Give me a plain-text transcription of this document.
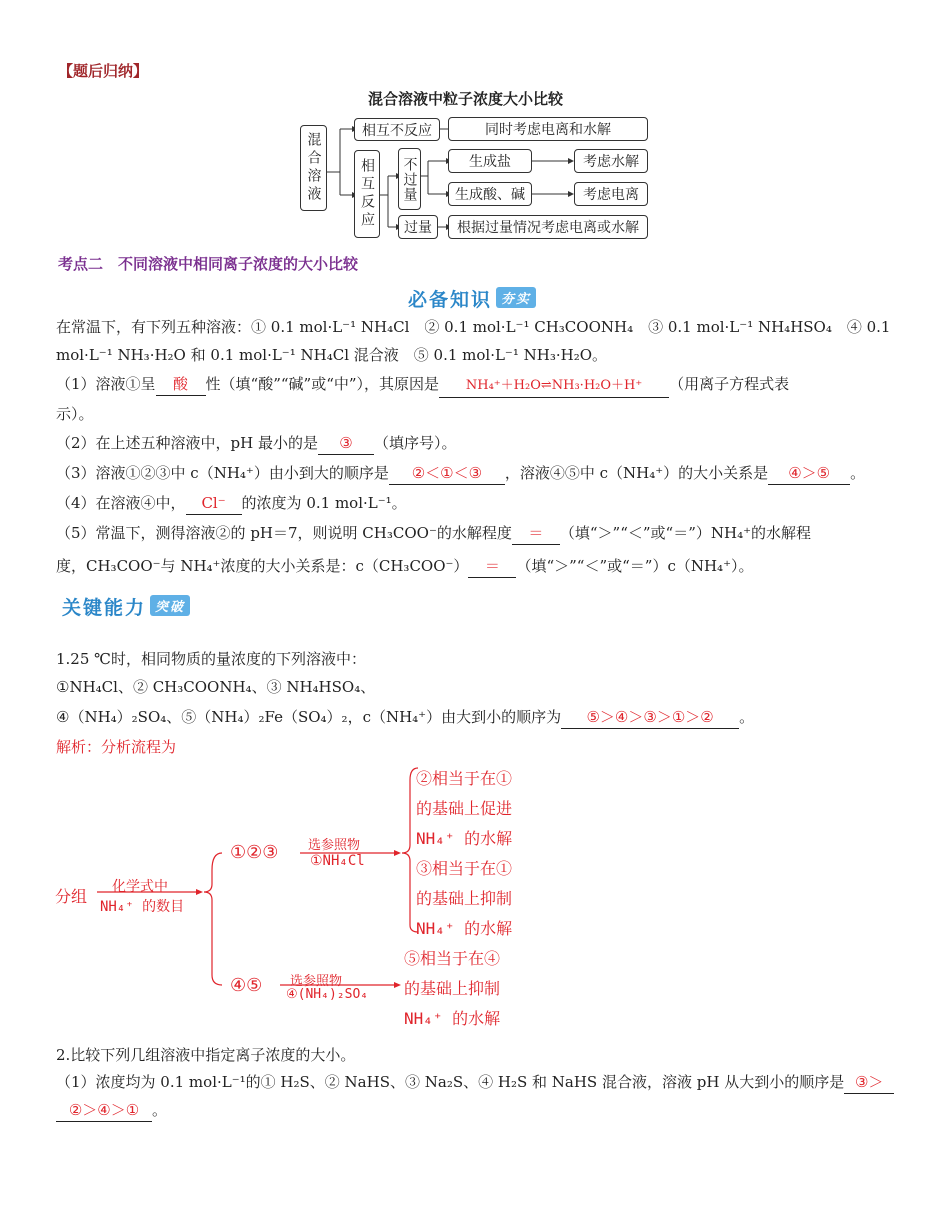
【题后归纳】
混合溶液中粒子浓度大小比较
混合溶液
相互不反应	同时考虑电离和水解
相互反应 不过量	生成盐	考虑水解
生成酸、碱	考虑电离
过量 根据过量情况考虑电离或水解
考点二　不同溶液中相同离子浓度的大小比较
必备知识 夯实
在常温下，有下列五种溶液：① 0.1 mol·L⁻¹ NH₄Cl　② 0.1 mol·L⁻¹ CH₃COONH₄　③ 0.1 mol·L⁻¹ NH₄HSO₄　④ 0.1
mol·L⁻¹ NH₃·H₂O 和 0.1 mol·L⁻¹ NH₄Cl 混合液　⑤ 0.1 mol·L⁻¹ NH₃·H₂O。
（1）溶液①呈 酸 性（填“酸”“碱”或“中”），其原因是 NH₄⁺＋H₂O⇌NH₃·H₂O＋H⁺ （用离子方程式表
示）。
（2）在上述五种溶液中，pH 最小的是 ③ （填序号）。
（3）溶液①②③中 c（NH₄⁺）由小到大的顺序是 ②＜①＜③ ，溶液④⑤中 c（NH₄⁺）的大小关系是 ④＞⑤ 。
（4）在溶液④中， Cl⁻ 的浓度为 0.1 mol·L⁻¹。
（5）常温下，测得溶液②的 pH＝7，则说明 CH₃COO⁻的水解程度 ＝ （填“＞”“＜”或“＝”）NH₄⁺的水解程
度，CH₃COO⁻与 NH₄⁺浓度的大小关系是：c（CH₃COO⁻） ＝ （填“＞”“＜”或“＝”）c（NH₄⁺）。
关键能力 突破
1.25 ℃时，相同物质的量浓度的下列溶液中：
①NH₄Cl、② CH₃COONH₄、③ NH₄HSO₄、
④（NH₄）₂SO₄、⑤（NH₄）₂Fe（SO₄）₂，c（NH₄⁺）由大到小的顺序为 ⑤＞④＞③＞①＞② 。
解析：分析流程为
分组 化学式中
NH₄⁺ 的数目
①②③ 选参照物
①NH₄Cl
②相当于在①
的基础上促进
NH₄⁺ 的水解
③相当于在①
的基础上抑制
NH₄⁺ 的水解
④⑤ 选参照物
④(NH₄)₂SO₄
⑤相当于在④
的基础上抑制
NH₄⁺ 的水解
2.比较下列几组溶液中指定离子浓度的大小。
（1）浓度均为 0.1 mol·L⁻¹的① H₂S、② NaHS、③ Na₂S、④ H₂S 和 NaHS 混合液，溶液 pH 从大到小的顺序是 ③＞
②＞④＞① 。
